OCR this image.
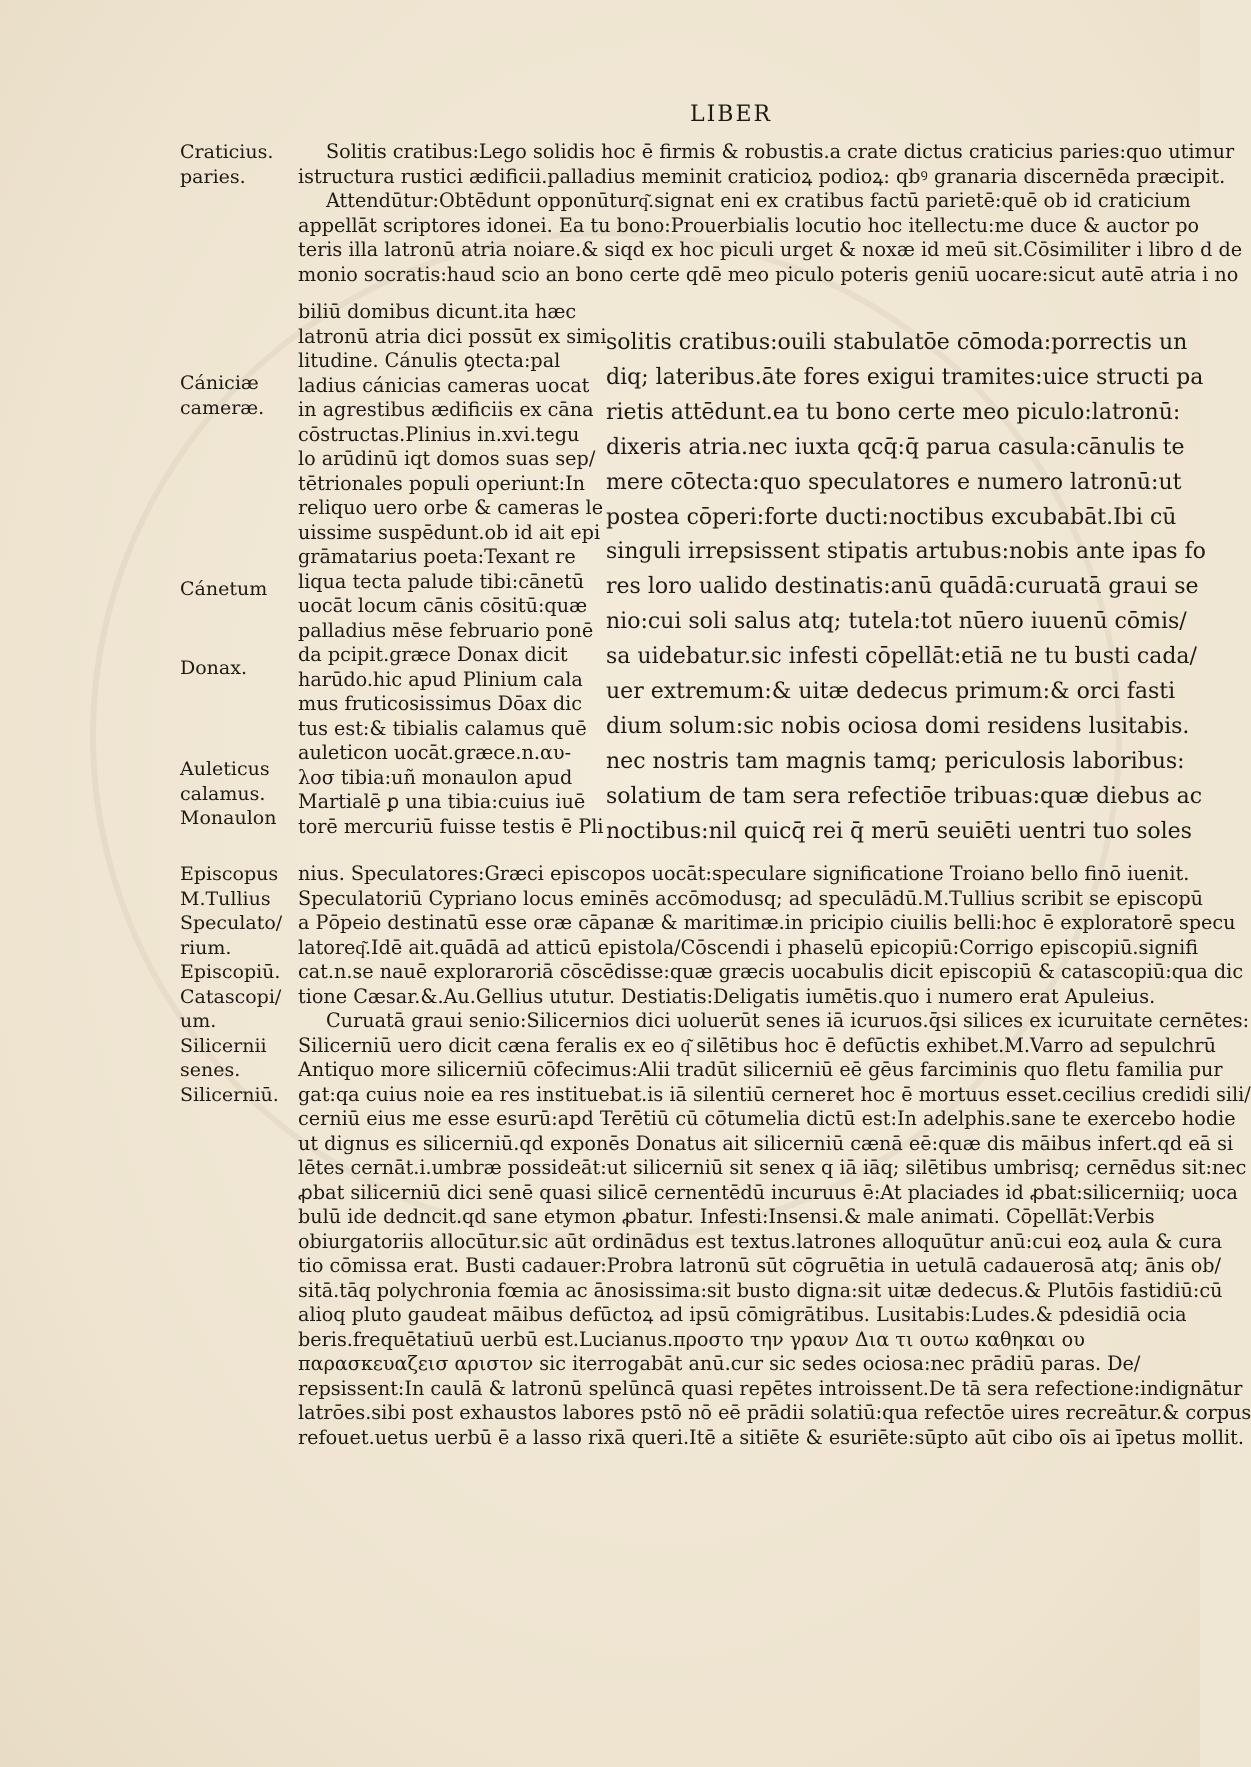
LIBER
Craticius.
paries.
Cániciæ
cameræ.
Cánetum
Donax.
Auleticus
calamus.
Monaulon
Episcopus
M.Tullius
Speculato/
rium.
Episcopiū.
Catascopi/
um.
Silicernii
senes.
Silicerniū.
Solitis cratibus:Lego solidis hoc ē firmis & robustis.a crate dictus craticius paries:quo utimur
istructura rustici ædificii.palladius meminit craticioꝝ podioꝝ: qbꝰ granaria discernēda præcipit.
Attendūtur:Obtēdunt opponūturq͂.signat eni ex cratibus factū parietē:quē ob id craticium
appellāt scriptores idonei. Ea tu bono:Prouerbialis locutio hoc itellectu:me duce & auctor po
teris illa latronū atria noiare.& siqd ex hoc piculi urget & noxæ id meū sit.Cōsimiliter i libro d de
monio socratis:haud scio an bono certe qdē meo piculo poteris geniū uocare:sicut autē atria i no
biliū domibus dicunt.ita hæc
latronū atria dici possūt ex simi
litudine. Cánulis ꝯtecta:pal
ladius cánicias cameras uocat
in agrestibus ædificiis ex cāna
cōstructas.Plinius in.xvi.tegu
lo arūdinū iqt domos suas sep/
tētrionales populi operiunt:In
reliquo uero orbe & cameras le
uissime suspēdunt.ob id ait epi
grāmatarius poeta:Texant re
liqua tecta palude tibi:cānetū
uocāt locum cānis cōsitū:quæ
palladius mēse februario ponē
da pcipit.græce Donax dicit
harūdo.hic apud Plinium cala
mus fruticosissimus Dōax dic
tus est:& tibialis calamus quē
auleticon uocāt.græce.n.αυ-
λοσ tibia:uñ monaulon apud
Martialē ꝑ una tibia:cuius iuē
torē mercuriū fuisse testis ē Pli
solitis cratibus:ouili stabulatōe cōmoda:porrectis un
diq; lateribus.āte fores exigui tramites:uice structi pa
rietis attēdunt.ea tu bono certe meo piculo:latronū:
dixeris atria.nec iuxta qcq̄:q̄ parua casula:cānulis te
mere cōtecta:quo speculatores e numero latronū:ut
postea cōperi:forte ducti:noctibus excubabāt.Ibi cū
singuli irrepsissent stipatis artubus:nobis ante ipas fo
res loro ualido destinatis:anū quādā:curuatā graui se
nio:cui soli salus atq; tutela:tot nūero iuuenū cōmis/
sa uidebatur.sic infesti cōpellāt:etiā ne tu busti cada/
uer extremum:& uitæ dedecus primum:& orci fasti
dium solum:sic nobis ociosa domi residens lusitabis.
nec nostris tam magnis tamq; periculosis laboribus:
solatium de tam sera refectiōe tribuas:quæ diebus ac
noctibus:nil quicq̄ rei q̄ merū seuiēti uentri tuo soles
nius. Speculatores:Græci episcopos uocāt:speculare significatione Troiano bello finō iuenit.
Speculatoriū Cypriano locus eminēs accōmodusq; ad speculādū.M.Tullius scribit se episcopū
a Pōpeio destinatū esse oræ cāpanæ & maritimæ.in pricipio ciuilis belli:hoc ē exploratorē specu
latoreq͂.Idē ait.quādā ad atticū epistola/Cōscendi i phaselū epicopiū:Corrigo episcopiū.signifi
cat.n.se nauē exploraroriā cōscēdisse:quæ græcis uocabulis dicit episcopiū & catascopiū:qua dic
tione Cæsar.&.Au.Gellius ututur. Destiatis:Deligatis iumētis.quo i numero erat Apuleius.
Curuatā graui senio:Silicernios dici uoluerūt senes iā icuruos.q̄si silices ex icuruitate cernētes:
Silicerniū uero dicit cæna feralis ex eo q͂ silētibus hoc ē defūctis exhibet.M.Varro ad sepulchrū
Antiquo more silicerniū cōfecimus:Alii tradūt silicerniū eē gēus farciminis quo fletu familia pur
gat:qa cuius noie ea res instituebat.is iā silentiū cerneret hoc ē mortuus esset.cecilius credidi sili/
cerniū eius me esse esurū:apd Terētiū cū cōtumelia dictū est:In adelphis.sane te exercebo hodie
ut dignus es silicerniū.qd exponēs Donatus ait silicerniū cænā eē:quæ dis māibus infert.qd eā si
lētes cernāt.i.umbræ possideāt:ut silicerniū sit senex q iā iāq; silētibus umbrisq; cernēdus sit:nec
ꝓbat silicerniū dici senē quasi silicē cernentēdū incuruus ē:At placiades id ꝓbat:silicerniiq; uoca
bulū ide dedncit.qd sane etymon ꝓbatur. Infesti:Insensi.& male animati. Cōpellāt:Verbis
obiurgatoriis allocūtur.sic aūt ordinādus est textus.latrones alloquūtur anū:cui eoꝝ aula & cura
tio cōmissa erat. Busti cadauer:Probra latronū sūt cōgruētia in uetulā cadauerosā atq; ānis ob/
sitā.tāq polychronia fœmia ac ānosissima:sit busto digna:sit uitæ dedecus.& Plutōis fastidiū:cū
alioq pluto gaudeat māibus defūctoꝝ ad ipsū cōmigrātibus. Lusitabis:Ludes.& pdesidiā ocia
beris.frequētatiuū uerbū est.Lucianus.προστο την γραυν Δια τι ουτω καθηκαι ου
παρασκευαζεισ αριστον sic iterrogabāt anū.cur sic sedes ociosa:nec prādiū paras. De/
repsissent:In caulā & latronū spelūncā quasi repētes introissent.De tā sera refectione:indignātur
latrōes.sibi post exhaustos labores pstō nō eē prādii solatiū:qua refectōe uires recreātur.& corpus
refouet.uetus uerbū ē a lasso rixā queri.Itē a sitiēte & esuriēte:sūpto aūt cibo oīs ai īpetus mollit.
